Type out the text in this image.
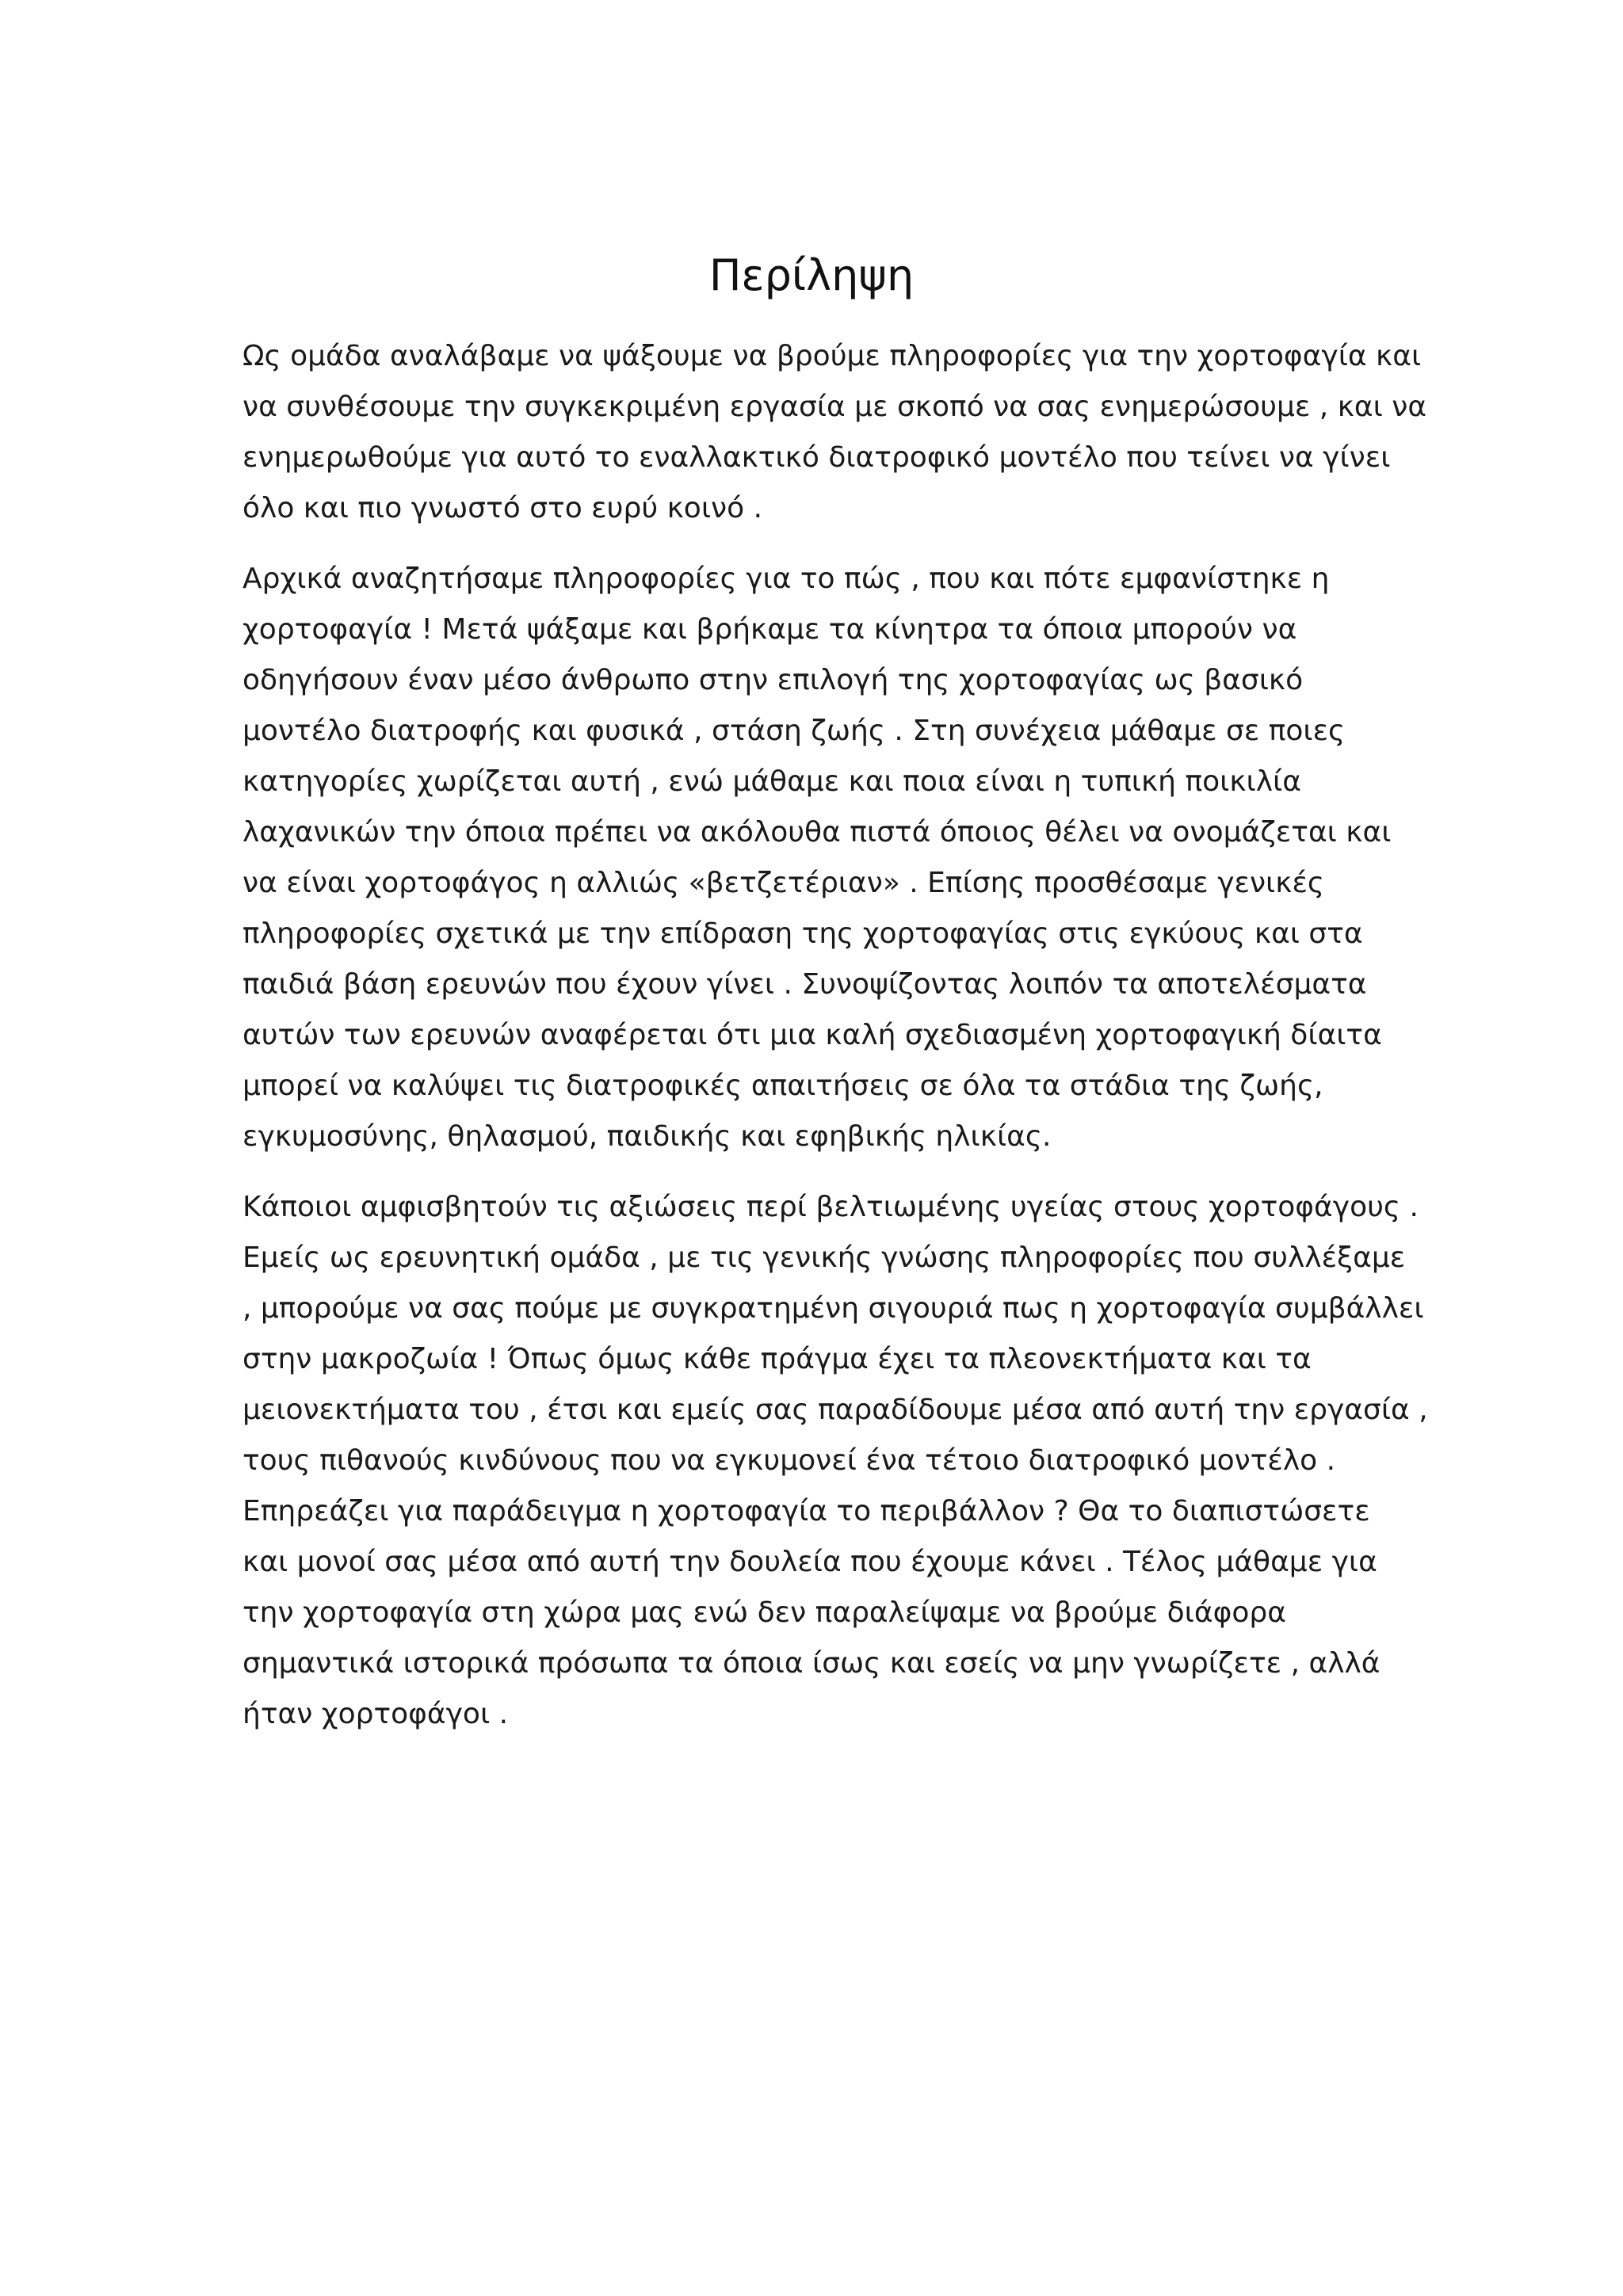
Περίληψη

Ως ομάδα αναλάβαμε να ψάξουμε να βρούμε πληροφορίες για την χορτοφαγία και
να συνθέσουμε την συγκεκριμένη εργασία με σκοπό να σας ενημερώσουμε , και να
ενημερωθούμε για αυτό το εναλλακτικό διατροφικό μοντέλο που τείνει να γίνει
όλο και πιο γνωστό στο ευρύ κοινό .

Αρχικά αναζητήσαμε πληροφορίες για το πώς , που και πότε εμφανίστηκε η
χορτοφαγία ! Μετά ψάξαμε και βρήκαμε τα κίνητρα τα όποια μπορούν να
οδηγήσουν έναν μέσο άνθρωπο στην επιλογή της χορτοφαγίας ως βασικό
μοντέλο διατροφής και φυσικά , στάση ζωής . Στη συνέχεια μάθαμε σε ποιες
κατηγορίες χωρίζεται αυτή , ενώ μάθαμε και ποια είναι η τυπική ποικιλία
λαχανικών την όποια πρέπει να ακόλουθα πιστά όποιος θέλει να ονομάζεται και
να είναι χορτοφάγος η αλλιώς «βετζετέριαν» . Επίσης προσθέσαμε γενικές
πληροφορίες σχετικά με την επίδραση της χορτοφαγίας στις εγκύους και στα
παιδιά βάση ερευνών που έχουν γίνει . Συνοψίζοντας λοιπόν τα αποτελέσματα
αυτών των ερευνών αναφέρεται ότι μια καλή σχεδιασμένη χορτοφαγική δίαιτα
μπορεί να καλύψει τις διατροφικές απαιτήσεις σε όλα τα στάδια της ζωής,
εγκυμοσύνης, θηλασμού, παιδικής και εφηβικής ηλικίας.

Κάποιοι αμφισβητούν τις αξιώσεις περί βελτιωμένης υγείας στους χορτοφάγους .
Εμείς ως ερευνητική ομάδα , με τις γενικής γνώσης πληροφορίες που συλλέξαμε
, μπορούμε να σας πούμε με συγκρατημένη σιγουριά πως η χορτοφαγία συμβάλλει
στην μακροζωία ! Όπως όμως κάθε πράγμα έχει τα πλεονεκτήματα και τα
μειονεκτήματα του , έτσι και εμείς σας παραδίδουμε μέσα από αυτή την εργασία ,
τους πιθανούς κινδύνους που να εγκυμονεί ένα τέτοιο διατροφικό μοντέλο .
Επηρεάζει για παράδειγμα η χορτοφαγία το περιβάλλον ? Θα το διαπιστώσετε
και μονοί σας μέσα από αυτή την δουλεία που έχουμε κάνει . Τέλος μάθαμε για
την χορτοφαγία στη χώρα μας ενώ δεν παραλείψαμε να βρούμε διάφορα
σημαντικά ιστορικά πρόσωπα τα όποια ίσως και εσείς να μην γνωρίζετε , αλλά
ήταν χορτοφάγοι .
